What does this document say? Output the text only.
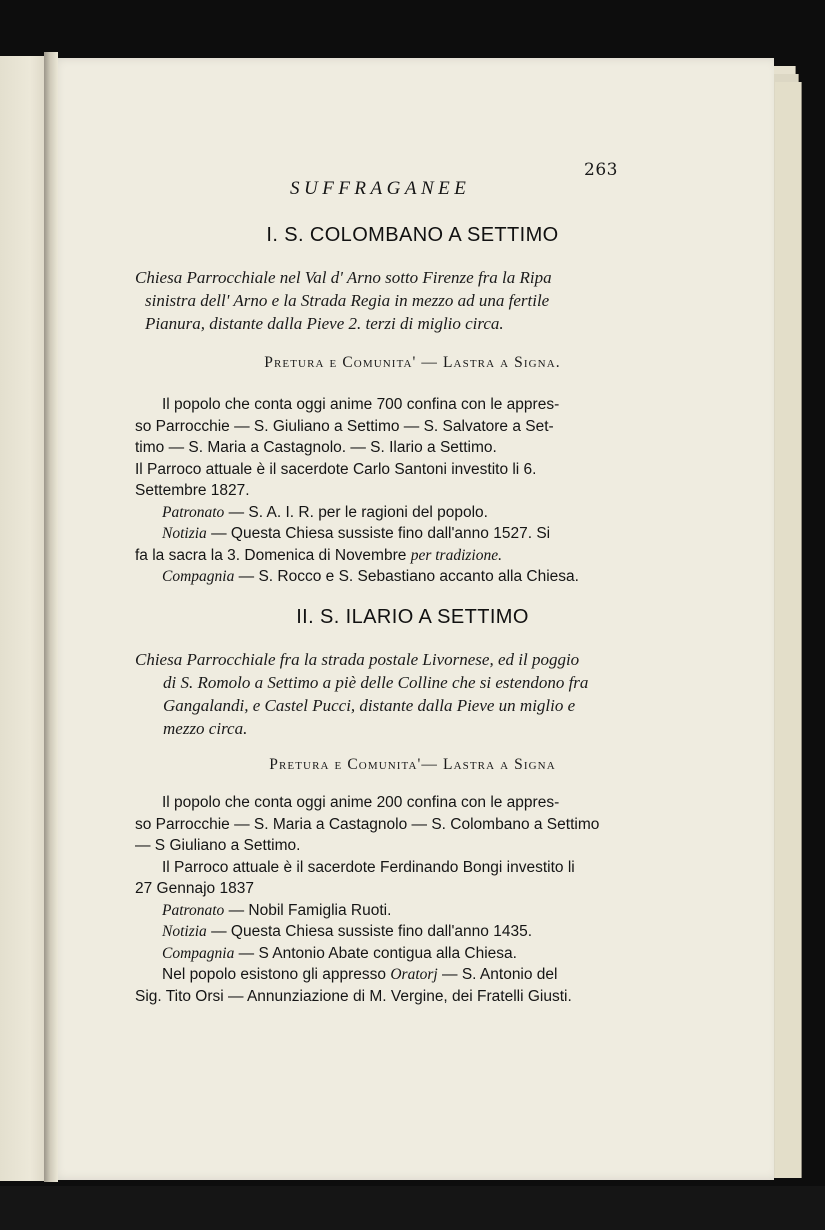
263
SUFFRAGANEE
I. S. COLOMBANO A SETTIMO
Chiesa Parrocchiale nel Val d' Arno sotto Firenze fra la Ripa
sinistra dell' Arno e la Strada Regia in mezzo ad una fertile
Pianura, distante dalla Pieve 2. terzi di miglio circa.
Pretura e Comunita' — Lastra a Signa.
Il popolo che conta oggi anime 700 confina con le appres-
so Parrocchie — S. Giuliano a Settimo — S. Salvatore a Set-
timo — S. Maria a Castagnolo. — S. Ilario a Settimo.
Il Parroco attuale è il sacerdote Carlo Santoni investito li 6.
Settembre 1827.
Patronato — S. A. I. R. per le ragioni del popolo.
Notizia — Questa Chiesa sussiste fino dall'anno 1527. Si
fa la sacra la 3. Domenica di Novembre per tradizione.
Compagnia — S. Rocco e S. Sebastiano accanto alla Chiesa.
II. S. ILARIO A SETTIMO
Chiesa Parrocchiale fra la strada postale Livornese, ed il poggio
di S. Romolo a Settimo a piè delle Colline che si estendono fra
Gangalandi, e Castel Pucci, distante dalla Pieve un miglio e
mezzo circa.
Pretura e Comunita'— Lastra a Signa
Il popolo che conta oggi anime 200 confina con le appres-
so Parrocchie — S. Maria a Castagnolo — S. Colombano a Settimo
— S Giuliano a Settimo.
Il Parroco attuale è il sacerdote Ferdinando Bongi investito li
27 Gennajo 1837
Patronato — Nobil Famiglia Ruoti.
Notizia — Questa Chiesa sussiste fino dall'anno 1435.
Compagnia — S Antonio Abate contigua alla Chiesa.
Nel popolo esistono gli appresso Oratorj — S. Antonio del
Sig. Tito Orsi — Annunziazione di M. Vergine, dei Fratelli Giusti.
